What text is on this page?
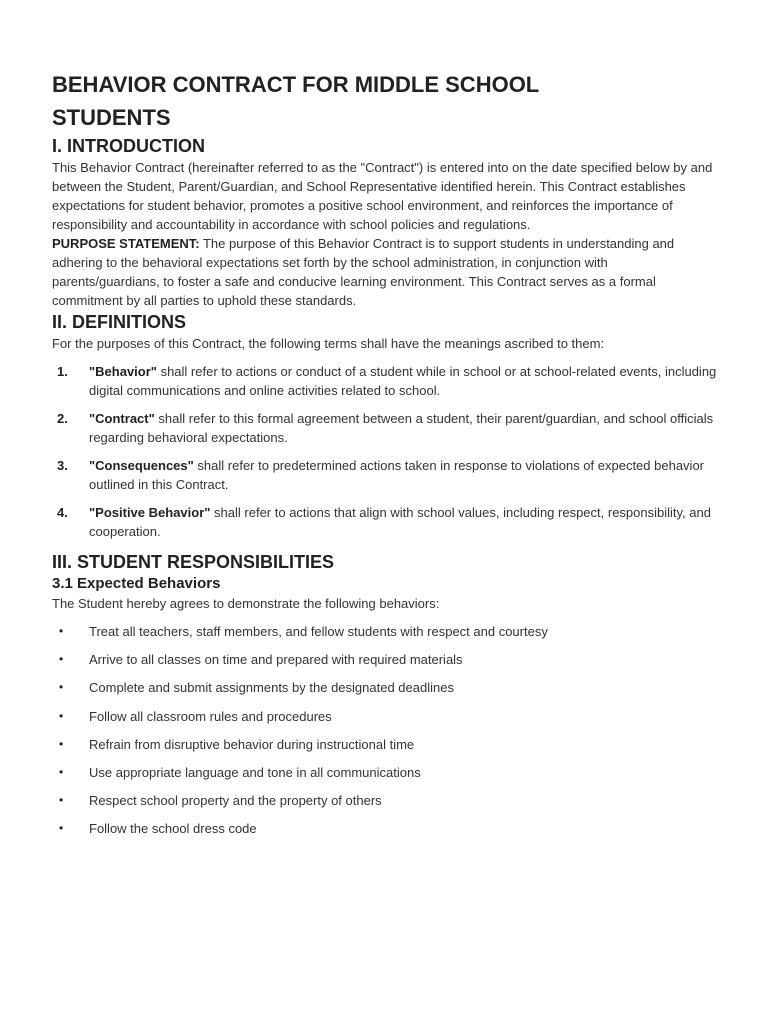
BEHAVIOR CONTRACT FOR MIDDLE SCHOOL STUDENTS
I. INTRODUCTION

This Behavior Contract (hereinafter referred to as the "Contract") is entered into on the date specified below by and between the Student, Parent/Guardian, and School Representative identified herein. This Contract establishes expectations for student behavior, promotes a positive school environment, and reinforces the importance of responsibility and accountability in accordance with school policies and regulations.

PURPOSE STATEMENT: The purpose of this Behavior Contract is to support students in understanding and adhering to the behavioral expectations set forth by the school administration, in conjunction with parents/guardians, to foster a safe and conducive learning environment. This Contract serves as a formal commitment by all parties to uphold these standards.

II. DEFINITIONS

For the purposes of this Contract, the following terms shall have the meanings ascribed to them:

1. "Behavior" shall refer to actions or conduct of a student while in school or at school-related events, including digital communications and online activities related to school.
2. "Contract" shall refer to this formal agreement between a student, their parent/guardian, and school officials regarding behavioral expectations.
3. "Consequences" shall refer to predetermined actions taken in response to violations of expected behavior outlined in this Contract.
4. "Positive Behavior" shall refer to actions that align with school values, including respect, responsibility, and cooperation.
III. STUDENT RESPONSIBILITIES
3.1 Expected Behaviors

The Student hereby agrees to demonstrate the following behaviors:

• Treat all teachers, staff members, and fellow students with respect and courtesy
• Arrive to all classes on time and prepared with required materials
• Complete and submit assignments by the designated deadlines
• Follow all classroom rules and procedures
• Refrain from disruptive behavior during instructional time
• Use appropriate language and tone in all communications
• Respect school property and the property of others
• Follow the school dress code
